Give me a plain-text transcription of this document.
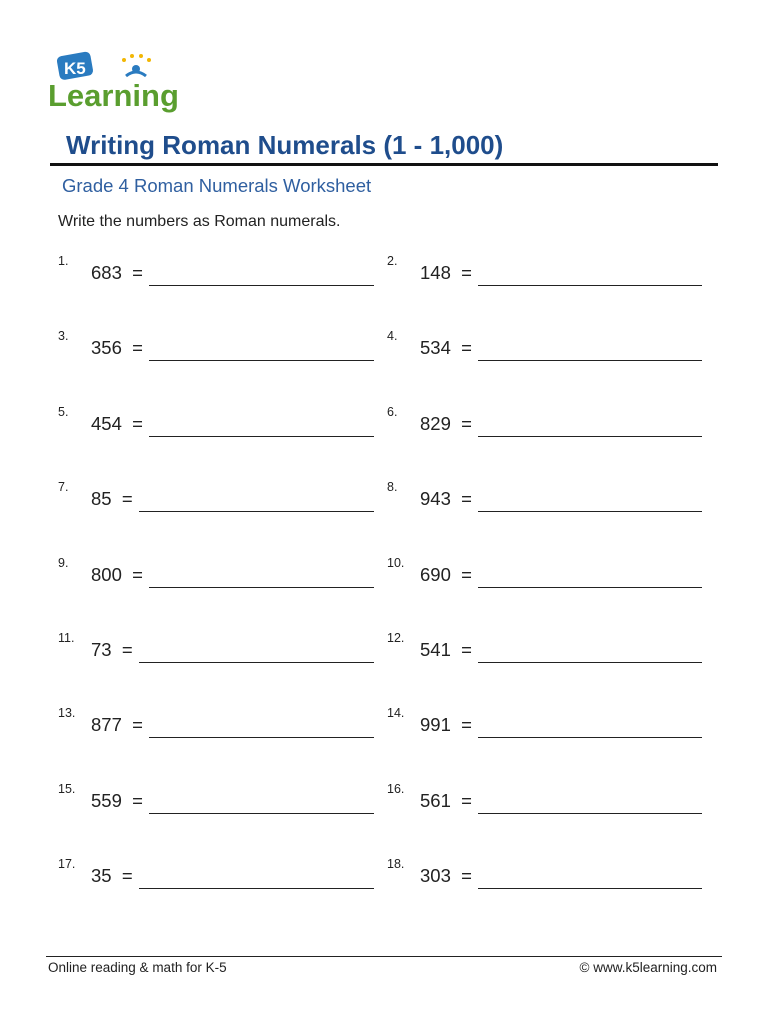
K5
Learning
Writing Roman Numerals (1 - 1,000)
Grade 4 Roman Numerals Worksheet
Write the numbers as Roman numerals.
1.
683 =
2.
148 =
3.
356 =
4.
534 =
5.
454 =
6.
829 =
7.
85 =
8.
943 =
9.
800 =
10.
690 =
11.
73 =
12.
541 =
13.
877 =
14.
991 =
15.
559 =
16.
561 =
17.
35 =
18.
303 =
Online reading & math for K-5	© www.k5learning.com
